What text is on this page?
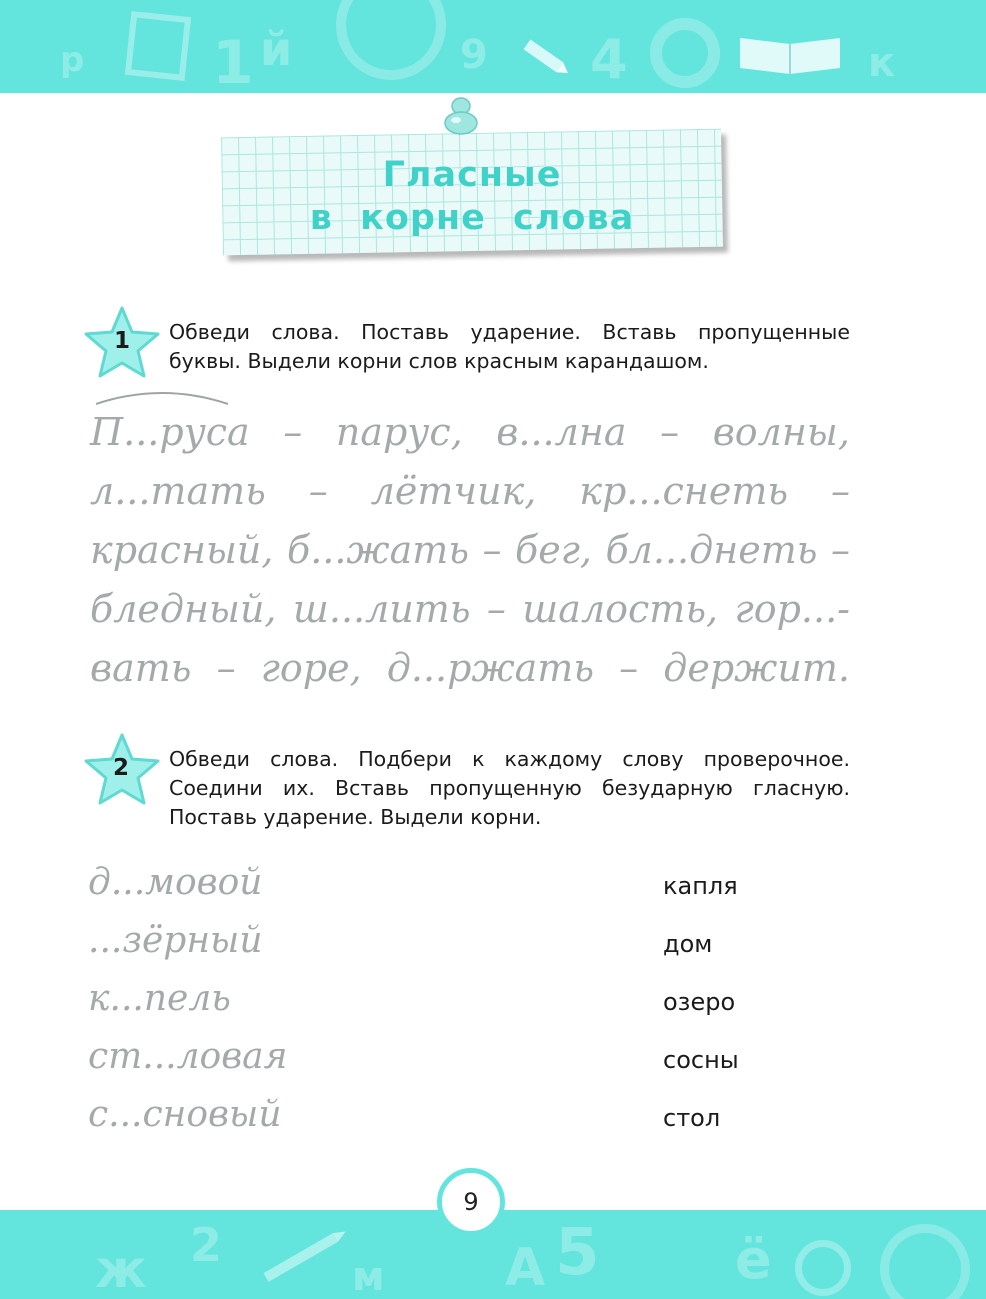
р 1 й	9 4	к
ж 2
м А 5	ё
9
Гласные
в корне слова
1 Обведи слова. Поставь ударение. Вставь пропущенные
буквы. Выдели корни слов красным карандашом.
П...руса – парус, в...лна – волны,
л...тать – лётчик, кр...снеть –
красный, б...жать – бег, бл...днеть –
бледный, ш...лить – шалость, гор...-
вать – горе, д...ржать – держит.
2 Обведи слова. Подбери к каждому слову проверочное.
Соедини их. Вставь пропущенную безударную гласную.
Поставь ударение. Выдели корни.
д...мовой
...зёрный
к...пель
ст...ловая
с...сновый
капля
дом
озеро
сосны
стол
